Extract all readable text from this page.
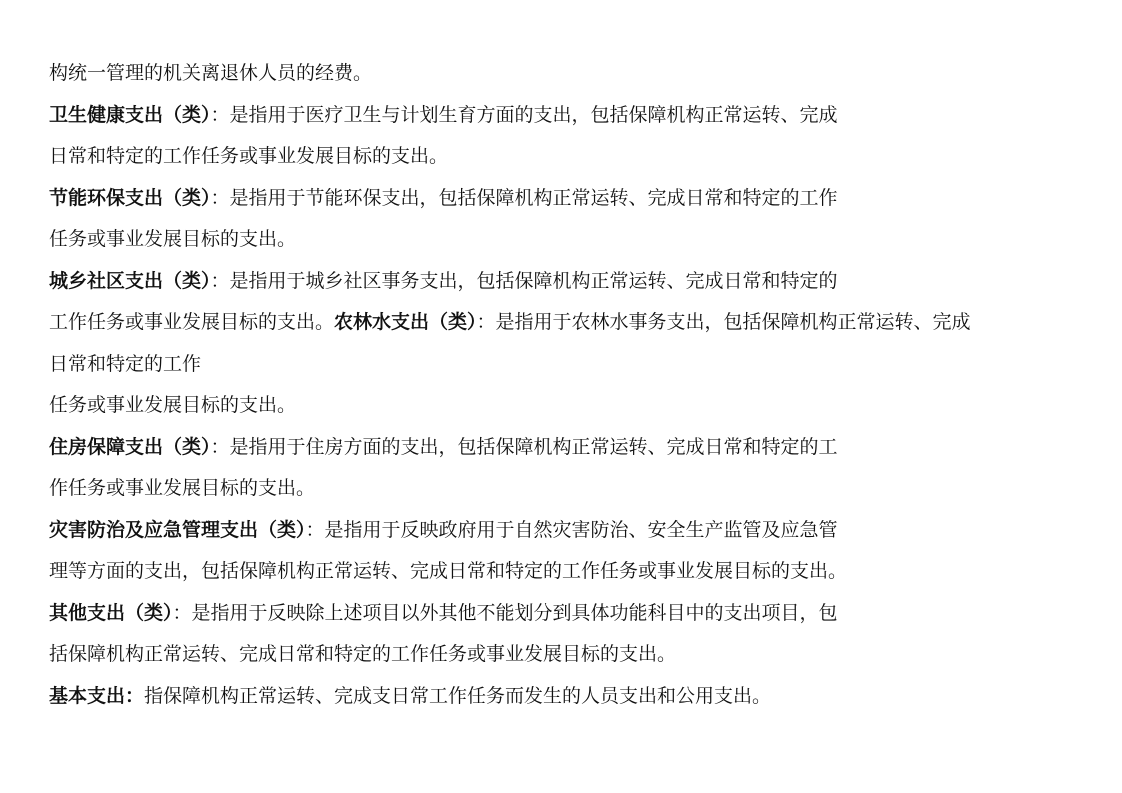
构统一管理的机关离退休人员的经费。
卫生健康支出（类）：是指用于医疗卫生与计划生育方面的支出，包括保障机构正常运转、完成
日常和特定的工作任务或事业发展目标的支出。
节能环保支出（类）：是指用于节能环保支出，包括保障机构正常运转、完成日常和特定的工作
任务或事业发展目标的支出。
城乡社区支出（类）：是指用于城乡社区事务支出，包括保障机构正常运转、完成日常和特定的
工作任务或事业发展目标的支出。农林水支出（类）：是指用于农林水事务支出，包括保障机构正常运转、完成
日常和特定的工作
任务或事业发展目标的支出。
住房保障支出（类）：是指用于住房方面的支出，包括保障机构正常运转、完成日常和特定的工
作任务或事业发展目标的支出。
灾害防治及应急管理支出（类）：是指用于反映政府用于自然灾害防治、安全生产监管及应急管
理等方面的支出，包括保障机构正常运转、完成日常和特定的工作任务或事业发展目标的支出。
其他支出（类）：是指用于反映除上述项目以外其他不能划分到具体功能科目中的支出项目，包
括保障机构正常运转、完成日常和特定的工作任务或事业发展目标的支出。
基本支出：指保障机构正常运转、完成支日常工作任务而发生的人员支出和公用支出。
